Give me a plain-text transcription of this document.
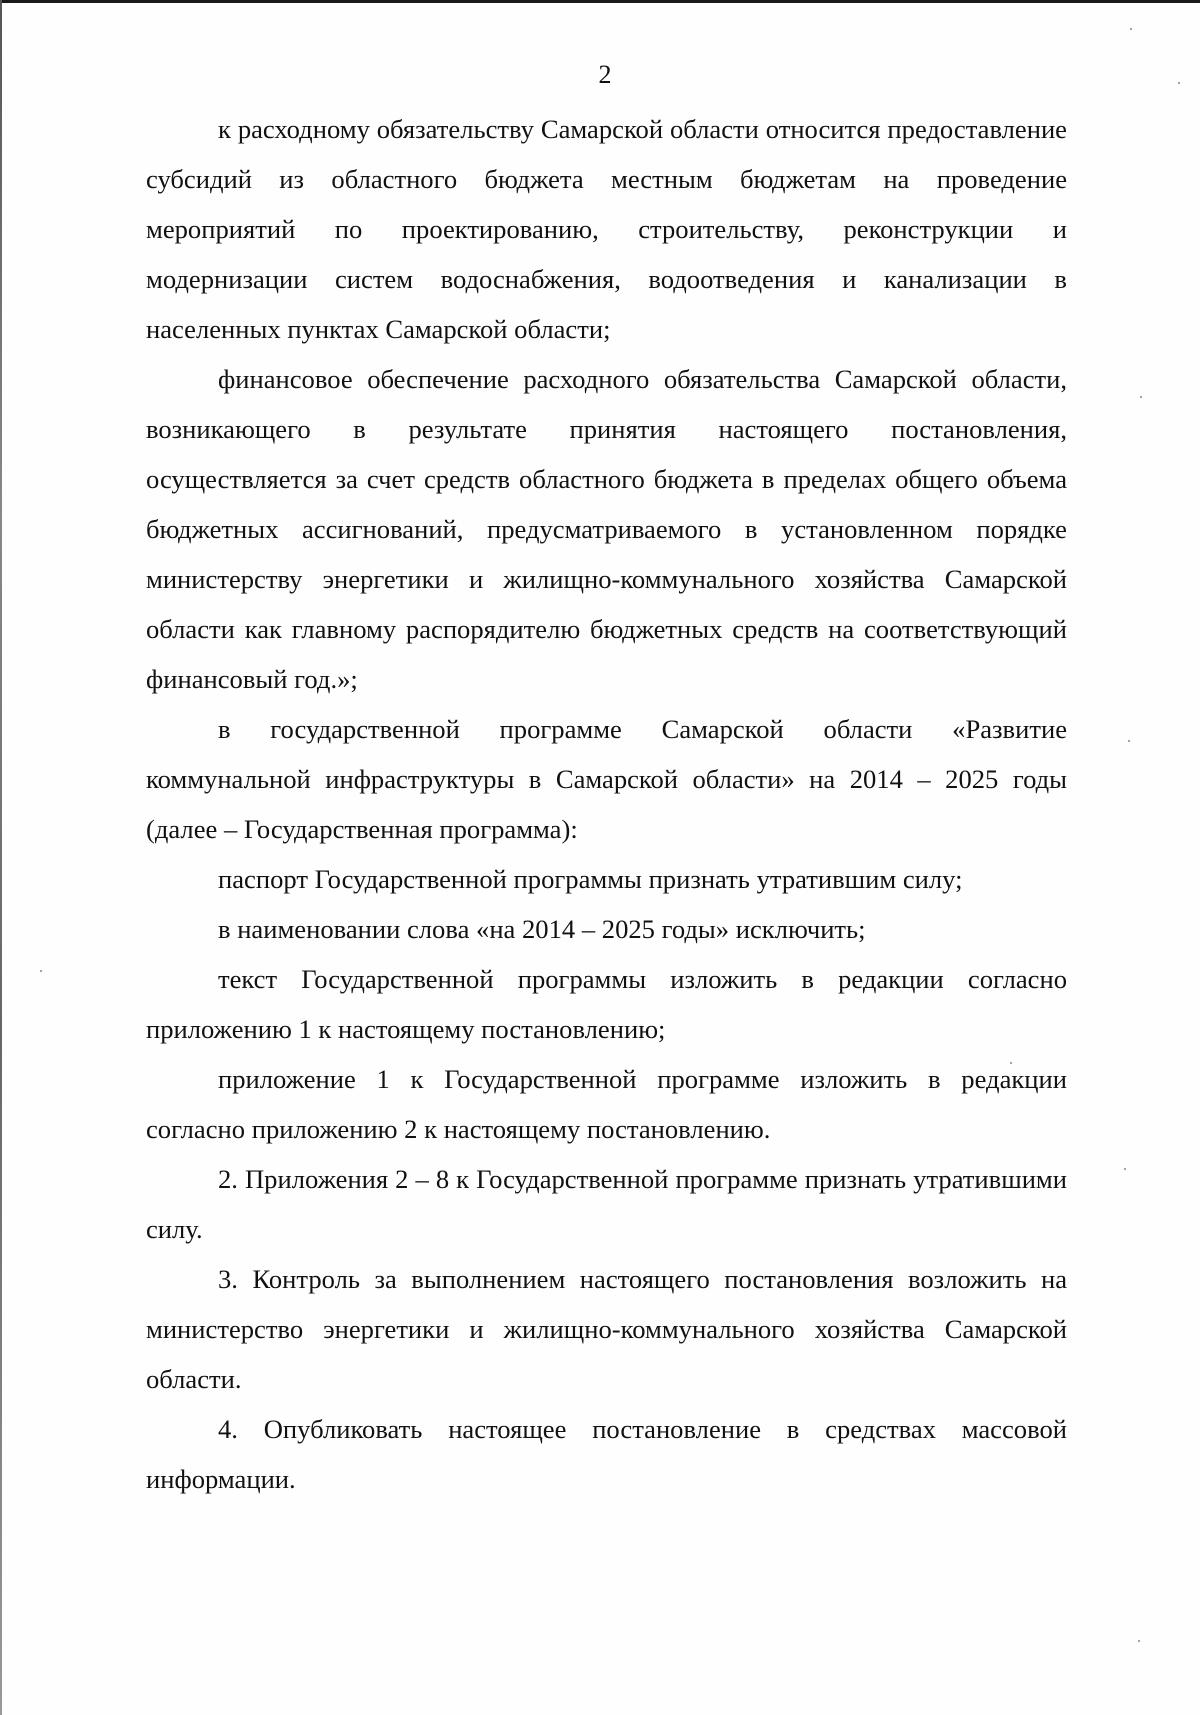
2

к расходному обязательству Самарской области относится предоставление субсидий из областного бюджета местным бюджетам на проведение мероприятий по проектированию, строительству, реконструкции и модернизации систем водоснабжения, водоотведения и канализации в населенных пунктах Самарской области;

финансовое обеспечение расходного обязательства Самарской области, возникающего в результате принятия настоящего постановления, осуществляется за счет средств областного бюджета в пределах общего объема бюджетных ассигнований, предусматриваемого в установленном порядке министерству энергетики и жилищно-коммунального хозяйства Самарской области как главному распорядителю бюджетных средств на соответствующий финансовый год.»;

в государственной программе Самарской области «Развитие коммунальной инфраструктуры в Самарской области» на 2014 – 2025 годы (далее – Государственная программа):

паспорт Государственной программы признать утратившим силу;

в наименовании слова «на 2014 – 2025 годы» исключить;

текст Государственной программы изложить в редакции согласно приложению 1 к настоящему постановлению;

приложение 1 к Государственной программе изложить в редакции согласно приложению 2 к настоящему постановлению.

2. Приложения 2 – 8 к Государственной программе признать утратившими силу.

3. Контроль за выполнением настоящего постановления возложить на министерство энергетики и жилищно-коммунального хозяйства Самарской области.

4. Опубликовать настоящее постановление в средствах массовой информации.
